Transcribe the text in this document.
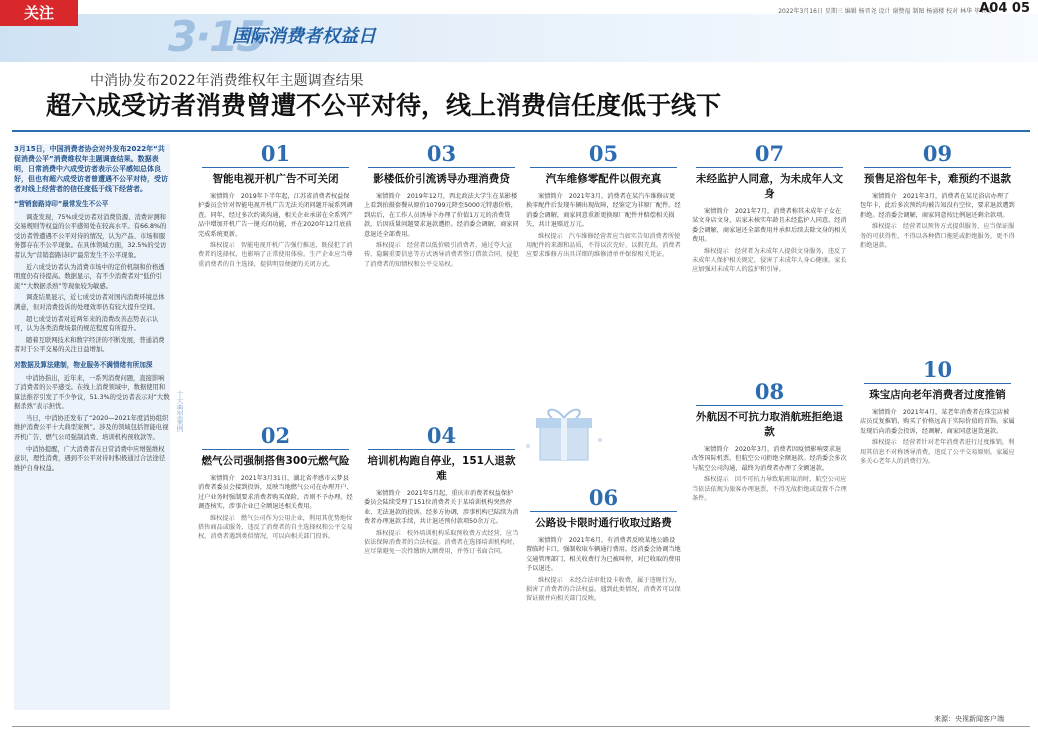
关注	2022年3月16日 星期三 编辑 杨晋尧 设计 谢赞福 制图 杨涌楼 校对 林华 毕卫安
A04 05
3·15
国际消费者权益日
中消协发布2022年消费维权年主题调查结果
超六成受访者消费曾遭不公平对待，线上消费信任度低于线下

3月15日，中国消费者协会对外发布2022年“共促消费公平”消费维权年主题调查结果。数据表明，日常消费中六成受访者表示公平感知总体良好，但也有超六成受访者曾遭遇不公平对待，受访者对线上经营者的信任度低于线下经营者。

“营销套路诗印”最常发生不公平

调查发现，75%成受访者对消费资源、消费评测和交易规则等权益的公平感知处在较高水平。有66.8%的受访者曾遭遇不公平对待的情况，认为产品、市场和服务都存在不公平现象。在具体领域方面，32.5%的受访者认为“营销套路诗印”最常发生不公平现象。

近六成受访者认为消费市场中的定价机制和价格透明度仍有待提高。数据显示，有不少消费者对“低价引流”“大数据杀熟”等现象较为敏感。

调查结果显示，近七成受访者对国内消费环境总体满意，但对消费投诉的处理效率仍有较大提升空间。

超七成受访者对近两年来的消费改善态势表示认可，认为各类消费场景的规范程度有所提升。

随着互联网技术和数字经济的不断发展，普通消费者对于公平交易的关注日益增加。

对数据及算法建制，物业服务不满情绪有所加深

中消协指出，近年来，一系列消费问题，直接影响了消费者的公平感受。在线上消费领域中，数据使用和算法推荐引发了不少争议，51.3%的受访者表示对“大数据杀熟”表示担忧。

当日，中消协还发布了“2020—2021年度消协组织维护消费公平十大典型案例”。涉及的领域包括智能电视开机广告、燃气公司强制消费、培训机构预收款等。

中消协提醒，广大消费者在日常消费中应增强维权意识，理性消费，遇到不公平对待时积极通过合法途径维护自身权益。

十大典型案例
01
智能电视开机广告不可关闭
案情简介　2019年下半年起，江苏省消费者权益保护委员会针对智能电视开机广告无法关闭问题开展系列调查。同年，经过多次约谈沟通，相关企业承诺在全系列产品中增加开机广告一键关闭功能，并在2020年12月底前完成系统更新。
维权提示　智能电视开机广告强行推送，既侵犯了消费者的选择权，也影响了正常使用体验。生产企业应当尊重消费者的自主选择，提供明显便捷的关闭方式。
02
燃气公司强制搭售300元燃气险
案情简介　2021年3月31日，湖北省孝感市云梦县消费者委员会接到投诉，反映当地燃气公司在办理开户、过户业务时强制要求消费者购买保险，否则不予办理。经调查核实，涉事企业已全额退还相关费用。
维权提示　燃气公司作为公用企业，利用其优势地位搭售商品或服务，违反了消费者的自主选择权和公平交易权。消费者遇到类似情况，可以向相关部门投诉。
03
影楼低价引流诱导办理消费贷
案情简介　2019年12月，西北政法大学生在某影楼上看到拍摄套餐从原价10799元降至5000元特惠价格，到店后，在工作人员诱导下办理了价值1万元的消费贷款，后因质量问题要求退款遭拒。经消委会调解，商家同意退还全部费用。
维权提示　经营者以低价吸引消费者，通过夸大宣传、隐瞒重要信息等方式诱导消费者签订借款合同，侵犯了消费者的知情权和公平交易权。
04
培训机构跑自停业，151人退款难
案情简介　2021年5月起，重庆市消费者权益保护委员会陆续受理了151位消费者关于某培训机构突然停业、无法退款的投诉。经多方协调，涉事机构已陆续为消费者办理退款手续，共计退还预付款项50余万元。
维权提示　校外培训机构采取预收费方式经营，应当依法保障消费者的合法权益。消费者在选择培训机构时，应尽量避免一次性缴纳大额费用，并签订书面合同。
05
汽车维修零配件以假充真
案情简介　2021年3月，消费者在某汽车维修店更换零配件后发现车辆出现故障，经鉴定为非原厂配件。经消委会调解，商家同意重新更换原厂配件并赔偿相关损失，共计退赔近万元。
维权提示　汽车维修经营者应当如实告知消费者所使用配件的来源和品质，不得以次充好、以假充真。消费者应要求维修方出具详细的维修清单并保留相关凭证。
06
公路设卡限时通行收取过路费
案情简介　2021年6月，有消费者反映某地公路设置临时卡口，强制收取车辆通行费用。经消委会协调当地交通管理部门，相关收费行为已被叫停，对已收取的费用予以退还。
维权提示　未经合法审批设卡收费，属于违规行为，损害了消费者的合法权益。遇到此类情况，消费者可以保留证据并向相关部门反映。
07
未经监护人同意，为未成年人文身
案情简介　2021年7月，消费者称其未成年子女在某文身店文身，店家未核实年龄且未经监护人同意。经消委会调解，商家退还全部费用并承担后续去除文身的相关费用。
维权提示　经营者为未成年人提供文身服务，违反了未成年人保护相关规定，侵害了未成年人身心健康。家长应加强对未成年人的监护和引导。
08
外航因不可抗力取消航班拒绝退款
案情简介　2020年3月，消费者因疫情影响要求退改签国际机票，但航空公司拒绝全额退款。经消委会多次与航空公司沟通，最终为消费者办理了全额退款。
维权提示　因不可抗力导致航班取消时，航空公司应当依法依规为旅客办理退票，不得无故拒绝或设置不合理条件。
09
预售足浴包年卡，难预约不退款
案情简介　2021年3月，消费者在某足浴店办理了包年卡，此后多次预约均被告知没有空位，要求退款遭到拒绝。经消委会调解，商家同意按比例退还剩余款项。
维权提示　经营者以预售方式提供服务，应当保证服务的可获得性，不得以各种借口拖延或拒绝服务，更不得拒绝退款。
10
珠宝店向老年消费者过度推销
案情简介　2021年4月，某老年消费者在珠宝店被店员反复推销，购买了价格远高于实际价值的首饰。家属发现后向消委会投诉，经调解，商家同意退货退款。
维权提示　经营者针对老年消费者进行过度推销，利用其信息不对称诱导消费，违反了公平交易原则。家属应多关心老年人的消费行为。
来源：央视新闻客户端
